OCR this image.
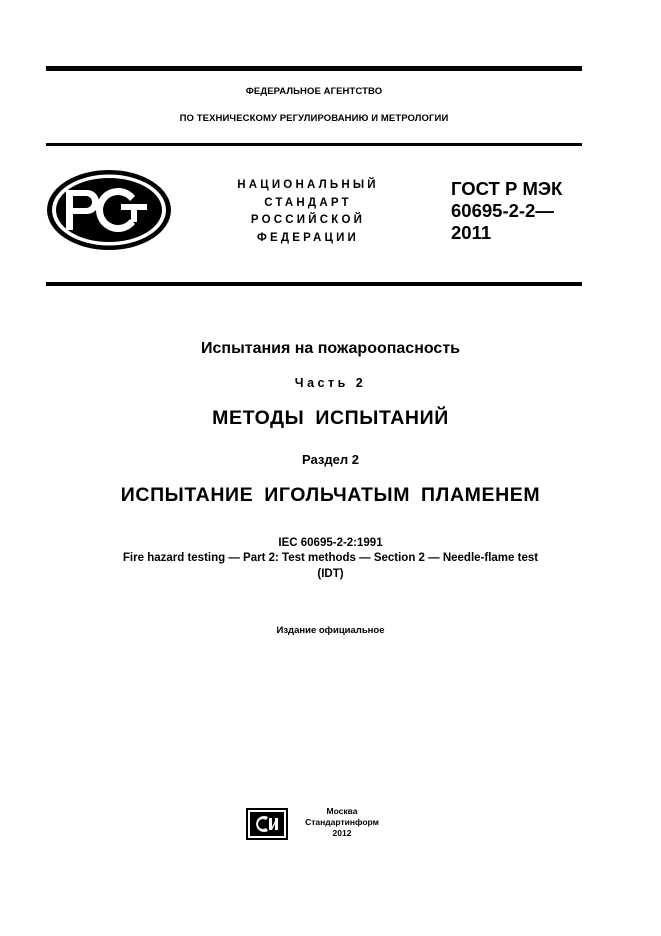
ФЕДЕРАЛЬНОЕ АГЕНТСТВО
ПО ТЕХНИЧЕСКОМУ РЕГУЛИРОВАНИЮ И МЕТРОЛОГИИ
НАЦИОНАЛЬНЫЙ
СТАНДАРТ
РОССИЙСКОЙ
ФЕДЕРАЦИИ
ГОСТ Р МЭК
60695-2-2—
2011
Испытания на пожароопасность
Часть 2
МЕТОДЫ ИСПЫТАНИЙ
Раздел 2
ИСПЫТАНИЕ ИГОЛЬЧАТЫМ ПЛАМЕНЕМ
IEC 60695-2-2:1991
Fire hazard testing — Part 2: Test methods — Section 2 — Needle-flame test
(IDT)
Издание официальное
Москва
Стандартинформ
2012
